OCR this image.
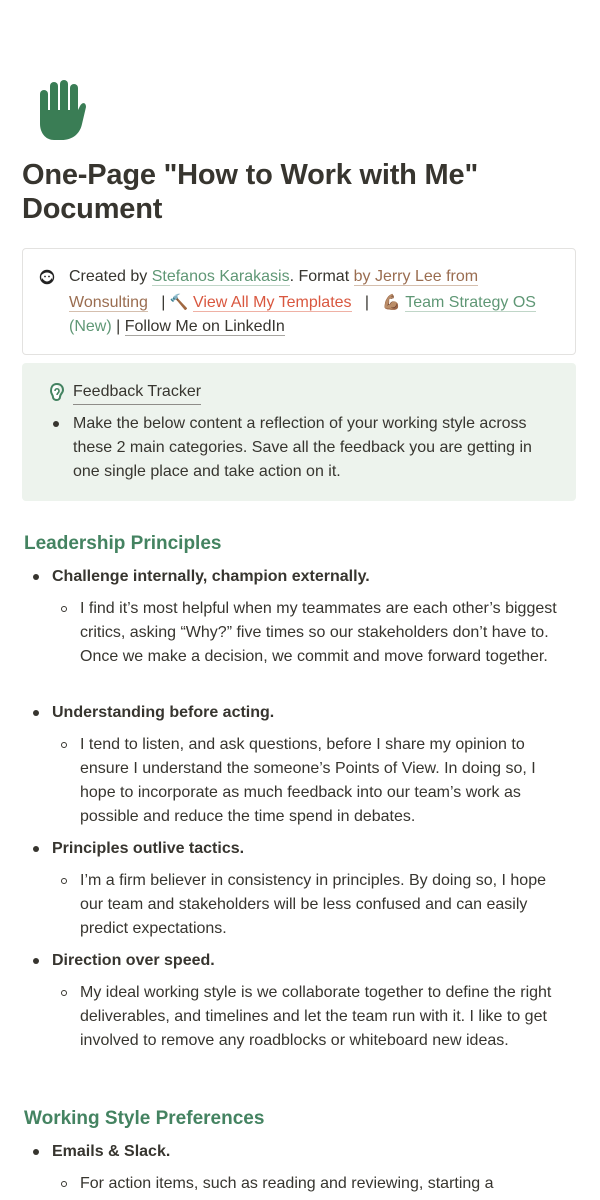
One-Page "How to Work with Me" Document
Created by Stefanos Karakasis. Format by Jerry Lee from Wonsulting | 🔨 View All My Templates | 💪🏽 Team Strategy OS (New) | Follow Me on LinkedIn
Feedback Tracker
Make the below content a reflection of your working style across these 2 main categories. Save all the feedback you are getting in one single place and take action on it.
Leadership Principles
Challenge internally, champion externally.
I find it’s most helpful when my teammates are each other’s biggest critics, asking “Why?” five times so our stakeholders don’t have to. Once we make a decision, we commit and move forward together.
Understanding before acting.
I tend to listen, and ask questions, before I share my opinion to ensure I understand the someone’s Points of View. In doing so, I hope to incorporate as much feedback into our team’s work as possible and reduce the time spend in debates.
Principles outlive tactics.
I’m a firm believer in consistency in principles. By doing so, I hope our team and stakeholders will be less confused and can easily predict expectations.
Direction over speed.
My ideal working style is we collaborate together to define the right deliverables, and timelines and let the team run with it. I like to get involved to remove any roadblocks or whiteboard new ideas.
Working Style Preferences
Emails & Slack.
For action items, such as reading and reviewing, starting a
